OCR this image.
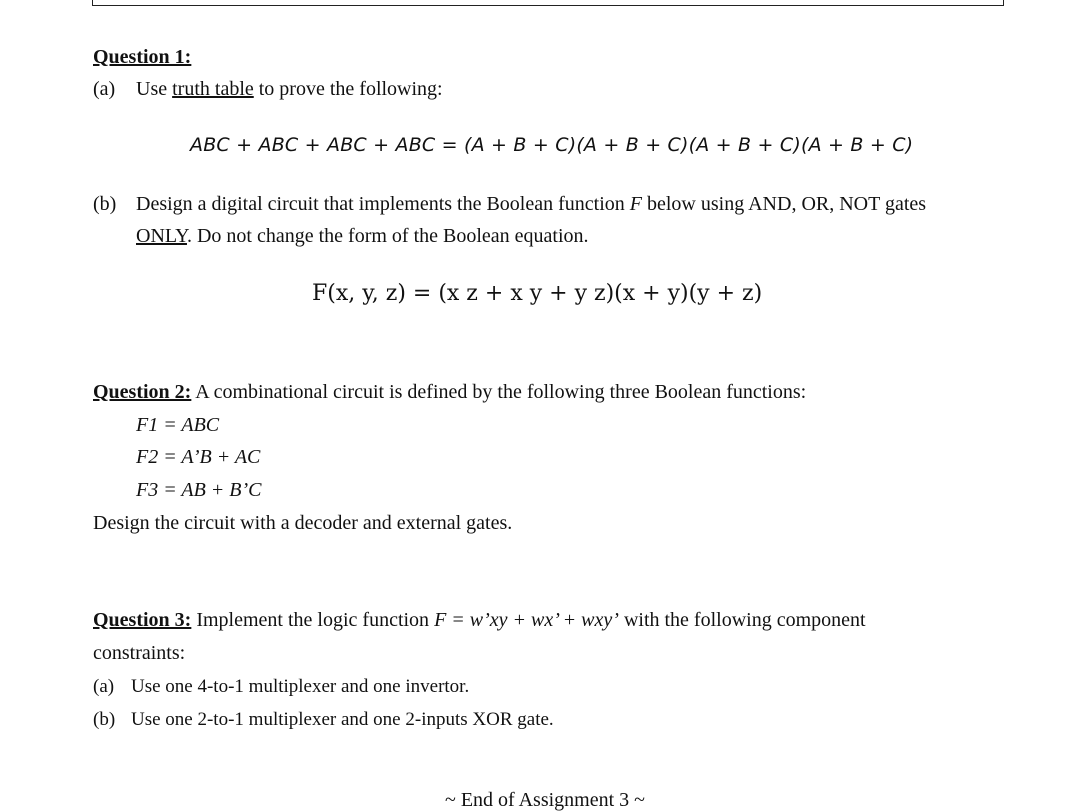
Question 1:
(a) Use truth table to prove the following:
ABC + ABC + ABC + ABC = (A + B + C)(A + B + C)(A + B + C)(A + B + C)
(b) Design a digital circuit that implements the Boolean function F below using AND, OR, NOT gates
ONLY. Do not change the form of the Boolean equation.
F(x, y, z) = (x z + x y + y z)(x + y)(y + z)
Question 2: A combinational circuit is defined by the following three Boolean functions:
F1 = ABC
F2 = A’B + AC
F3 = AB + B’C
Design the circuit with a decoder and external gates.
Question 3: Implement the logic function F = w’xy + wx’ + wxy’ with the following component
constraints:
(a) Use one 4-to-1 multiplexer and one invertor.
(b) Use one 2-to-1 multiplexer and one 2-inputs XOR gate.
~ End of Assignment 3 ~
